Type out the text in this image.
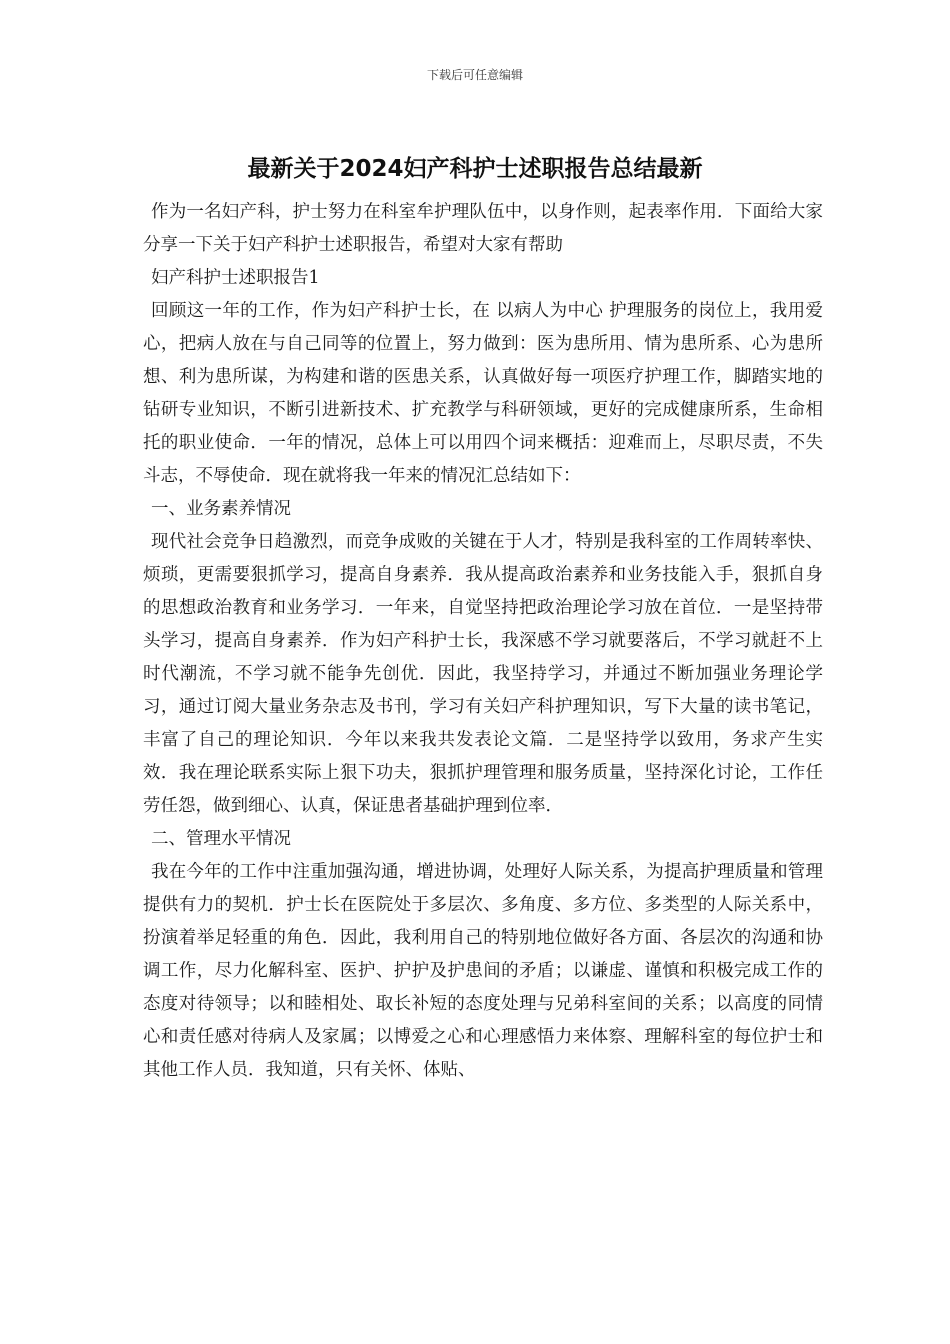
下载后可任意编辑
最新关于2024妇产科护士述职报告总结最新

作为一名妇产科，护士努力在科室牟护理队伍中，以身作则，起表率作用．下面给大家分享一下关于妇产科护士述职报告，希望对大家有帮助

妇产科护士述职报告1

回顾这一年的工作，作为妇产科护士长，在 以病人为中心 护理服务的岗位上，我用爱心，把病人放在与自己同等的位置上，努力做到：医为患所用、情为患所系、心为患所想、利为患所谋，为构建和谐的医患关系，认真做好每一项医疗护理工作，脚踏实地的钻研专业知识，不断引进新技术、扩充教学与科研领域，更好的完成健康所系，生命相托的职业使命．一年的情况，总体上可以用四个词来概括：迎难而上，尽职尽责，不失斗志，不辱使命．现在就将我一年来的情况汇总结如下：

一、业务素养情况

现代社会竞争日趋激烈，而竞争成败的关键在于人才，特别是我科室的工作周转率快、烦琐，更需要狠抓学习，提高自身素养．我从提高政治素养和业务技能入手，狠抓自身的思想政治教育和业务学习．一年来，自觉坚持把政治理论学习放在首位．一是坚持带头学习，提高自身素养．作为妇产科护士长，我深感不学习就要落后，不学习就赶不上时代潮流，不学习就不能争先创优．因此，我坚持学习，并通过不断加强业务理论学习，通过订阅大量业务杂志及书刊，学习有关妇产科护理知识，写下大量的读书笔记，丰富了自己的理论知识．今年以来我共发表论文篇．二是坚持学以致用，务求产生实效．我在理论联系实际上狠下功夫，狠抓护理管理和服务质量，坚持深化讨论，工作任劳任怨，做到细心、认真，保证患者基础护理到位率．

二、管理水平情况

我在今年的工作中注重加强沟通，增进协调，处理好人际关系，为提高护理质量和管理提供有力的契机．护士长在医院处于多层次、多角度、多方位、多类型的人际关系中，扮演着举足轻重的角色．因此，我利用自己的特别地位做好各方面、各层次的沟通和协调工作，尽力化解科室、医护、护护及护患间的矛盾；以谦虚、谨慎和积极完成工作的态度对待领导；以和睦相处、取长补短的态度处理与兄弟科室间的关系；以高度的同情心和责任感对待病人及家属；以博爱之心和心理感悟力来体察、理解科室的每位护士和其他工作人员．我知道，只有关怀、体贴、
